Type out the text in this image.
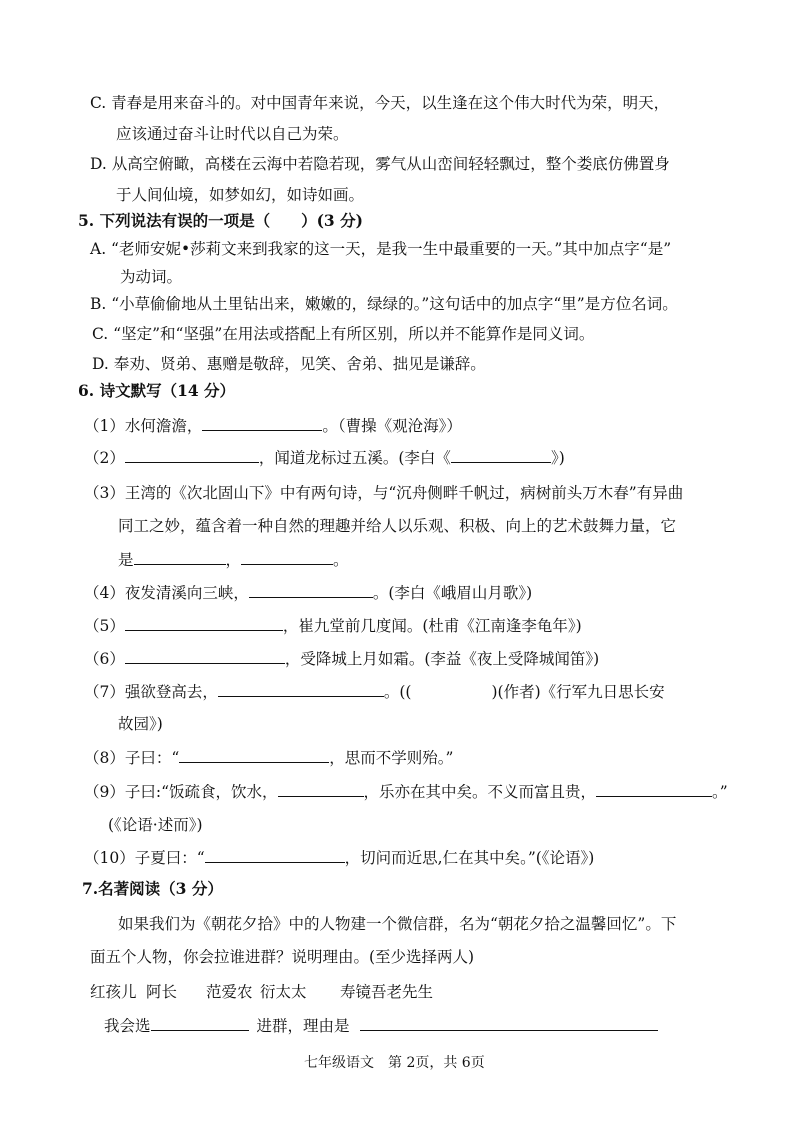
C. 青春是用来奋斗的。对中国青年来说，今天，以生逢在这个伟大时代为荣，明天，
应该通过奋斗让时代以自己为荣。
D. 从高空俯瞰，高楼在云海中若隐若现，雾气从山峦间轻轻飘过，整个娄底仿佛置身
于人间仙境，如梦如幻，如诗如画。
5. 下列说法有误的一项是（　　）(3 分)
A. “老师安妮•莎莉文来到我家的这一天，是我一生中最重要的一天。”其中加点字“是”
为动词。
B. “小草偷偷地从土里钻出来，嫩嫩的，绿绿的。”这句话中的加点字“里”是方位名词。
C. “坚定”和“坚强”在用法或搭配上有所区别，所以并不能算作是同义词。
D. 奉劝、贤弟、惠赠是敬辞，见笑、舍弟、拙见是谦辞。
6. 诗文默写（14 分）
（1）水何澹澹，	。（曹操《观沧海》）
（2）	，闻道龙标过五溪。(李白《	》)
（3）王湾的《次北固山下》中有两句诗，与“沉舟侧畔千帆过，病树前头万木春”有异曲
同工之妙，蕴含着一种自然的理趣并给人以乐观、积极、向上的艺术鼓舞力量，它
是	，	。
（4）夜发清溪向三峡，	。(李白《峨眉山月歌》)
（5）	，崔九堂前几度闻。(杜甫《江南逢李龟年》)
（6）	，受降城上月如霜。(李益《夜上受降城闻笛》)
（7）强欲登高去，	。((	)(作者)《行军九日思长安
故园》)
（8）子曰：“	，思而不学则殆。”
（9）子曰:“饭疏食，饮水，	，乐亦在其中矣。不义而富且贵，	。”
(《论语·述而》)
（10）子夏曰：“	，切问而近思,仁在其中矣。”(《论语》)
7.名著阅读（3 分）
如果我们为《朝花夕拾》中的人物建一个微信群，名为“朝花夕拾之温馨回忆”。下
面五个人物，你会拉谁进群？说明理由。(至少选择两人)
红孩儿 阿长 范爱农 衍太太 寿镜吾老先生
我会选	进群，理由是
七年级语文　第 2页，共 6页
